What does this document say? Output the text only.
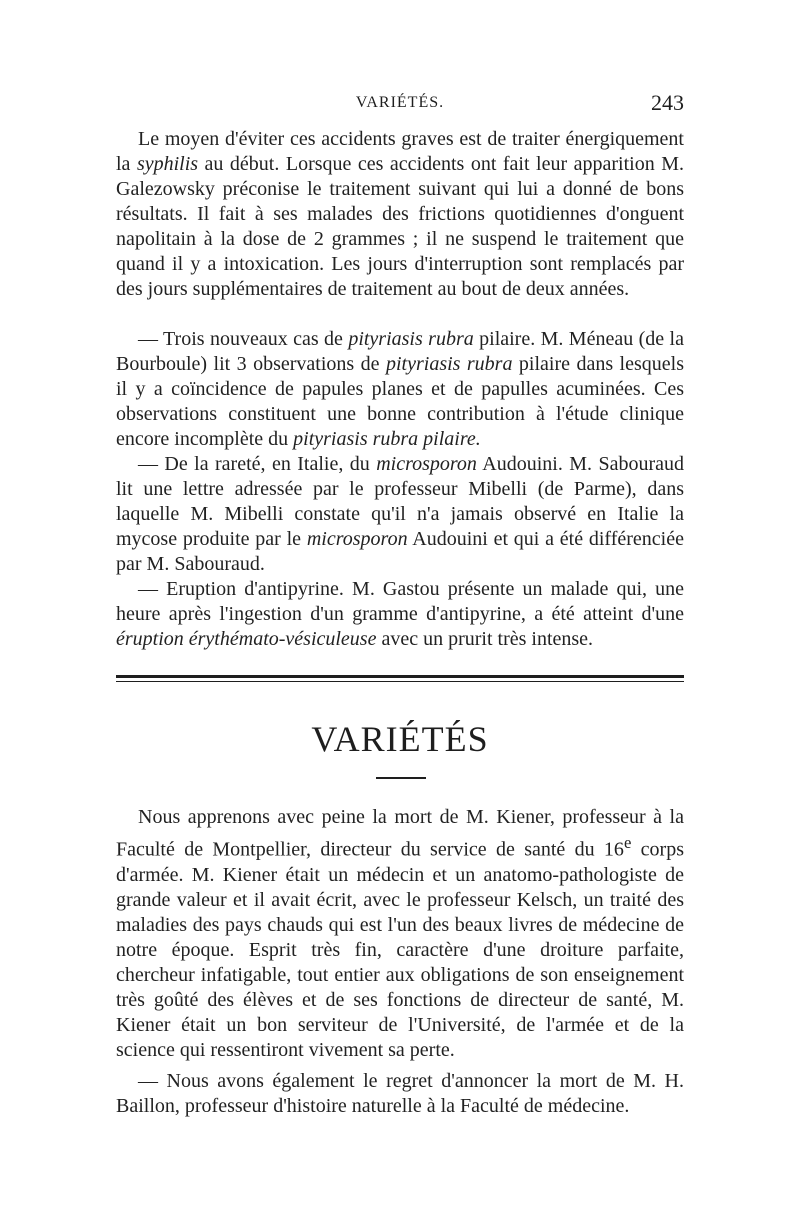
VARIÉTÉS.	243

Le moyen d'éviter ces accidents graves est de traiter énergiquement la syphilis au début. Lorsque ces accidents ont fait leur apparition M. Galezowsky préconise le traitement suivant qui lui a donné de bons résultats. Il fait à ses malades des frictions quotidiennes d'onguent napolitain à la dose de 2 grammes ; il ne suspend le traitement que quand il y a intoxication. Les jours d'interruption sont remplacés par des jours supplémentaires de traitement au bout de deux années.

— Trois nouveaux cas de pityriasis rubra pilaire. M. Méneau (de la Bourboule) lit 3 observations de pityriasis rubra pilaire dans lesquels il y a coïncidence de papules planes et de papulles acuminées. Ces observations constituent une bonne contribution à l'étude clinique encore incomplète du pityriasis rubra pilaire.

— De la rareté, en Italie, du microsporon Audouini. M. Sabouraud lit une lettre adressée par le professeur Mibelli (de Parme), dans laquelle M. Mibelli constate qu'il n'a jamais observé en Italie la mycose produite par le microsporon Audouini et qui a été différenciée par M. Sabouraud.

— Eruption d'antipyrine. M. Gastou présente un malade qui, une heure après l'ingestion d'un gramme d'antipyrine, a été atteint d'une éruption érythémato-vésiculeuse avec un prurit très intense.

VARIÉTÉS

Nous apprenons avec peine la mort de M. Kiener, professeur à la Faculté de Montpellier, directeur du service de santé du 16e corps d'armée. M. Kiener était un médecin et un anatomo-pathologiste de grande valeur et il avait écrit, avec le professeur Kelsch, un traité des maladies des pays chauds qui est l'un des beaux livres de médecine de notre époque. Esprit très fin, caractère d'une droiture parfaite, chercheur infatigable, tout entier aux obligations de son enseignement très goûté des élèves et de ses fonctions de directeur de santé, M. Kiener était un bon serviteur de l'Université, de l'armée et de la science qui ressentiront vivement sa perte.

— Nous avons également le regret d'annoncer la mort de M. H. Baillon, professeur d'histoire naturelle à la Faculté de médecine.
